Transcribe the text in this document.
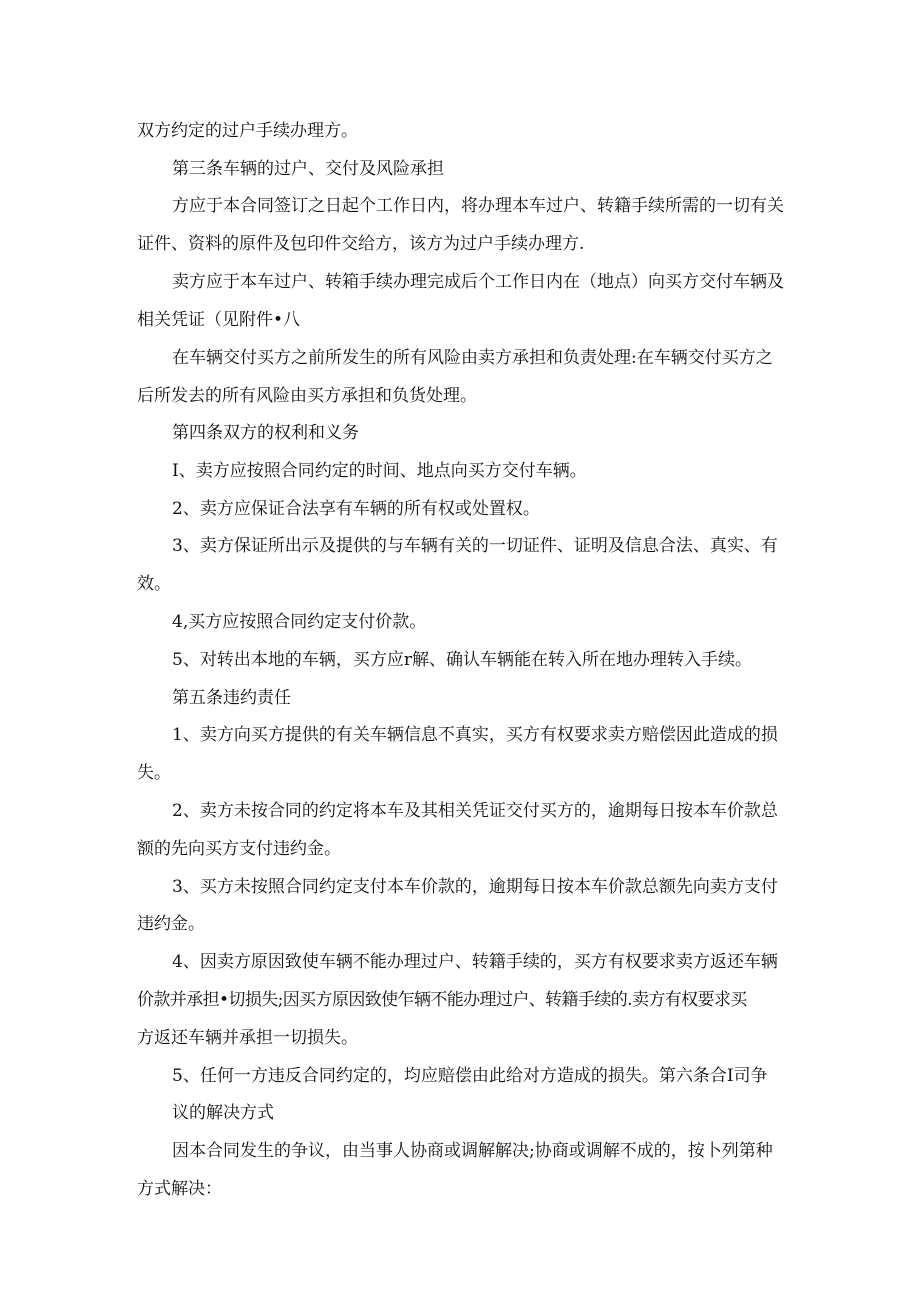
双方约定的过户手续办理方。
第三条车辆的过户、交付及风险承担
方应于本合同签订之日起个工作日内，将办理本车过户、转籍手续所需的一切有关
证件、资料的原件及包印件交给方，该方为过户手续办理方.
卖方应于本车过户、转箱手续办理完成后个工作日内在（地点）向买方交付车辆及
相关凭证（见附件•八
在车辆交付买方之前所发生的所有风险由卖方承担和负责处理:在车辆交付买方之
后所发去的所有风险由买方承担和负货处理。
第四条双方的权利和义务
I、卖方应按照合同约定的时间、地点向买方交付车辆。
2、卖方应保证合法享有车辆的所有权或处置权。
3、卖方保证所出示及提供的与车辆有关的一切证件、证明及信息合法、真实、有
效。
4,买方应按照合同约定支付价款。
5、对转出本地的车辆，买方应r解、确认车辆能在转入所在地办理转入手续。
第五条违约责任
1、卖方向买方提供的有关车辆信息不真实，买方有权要求卖方赔偿因此造成的损
失。
2、卖方未按合同的约定将本车及其相关凭证交付买方的，逾期每日按本车价款总
额的先向买方支付违约金。
3、买方未按照合同约定支付本车价款的，逾期每日按本车价款总额先向卖方支付
违约金。
4、因卖方原因致使车辆不能办理过户、转籍手续的，买方有权要求卖方返还车辆
价款并承担•切损失;因买方原因致使乍辆不能办理过户、转籍手续的.卖方有权要求买
方返还车辆并承担一切损失。
5、任何一方违反合同约定的，均应赔偿由此给对方造成的损失。第六条合I司争
议的解决方式
因本合同发生的争议，由当事人协商或调解解决;协商或调解不成的，按卜列第种
方式解决：
